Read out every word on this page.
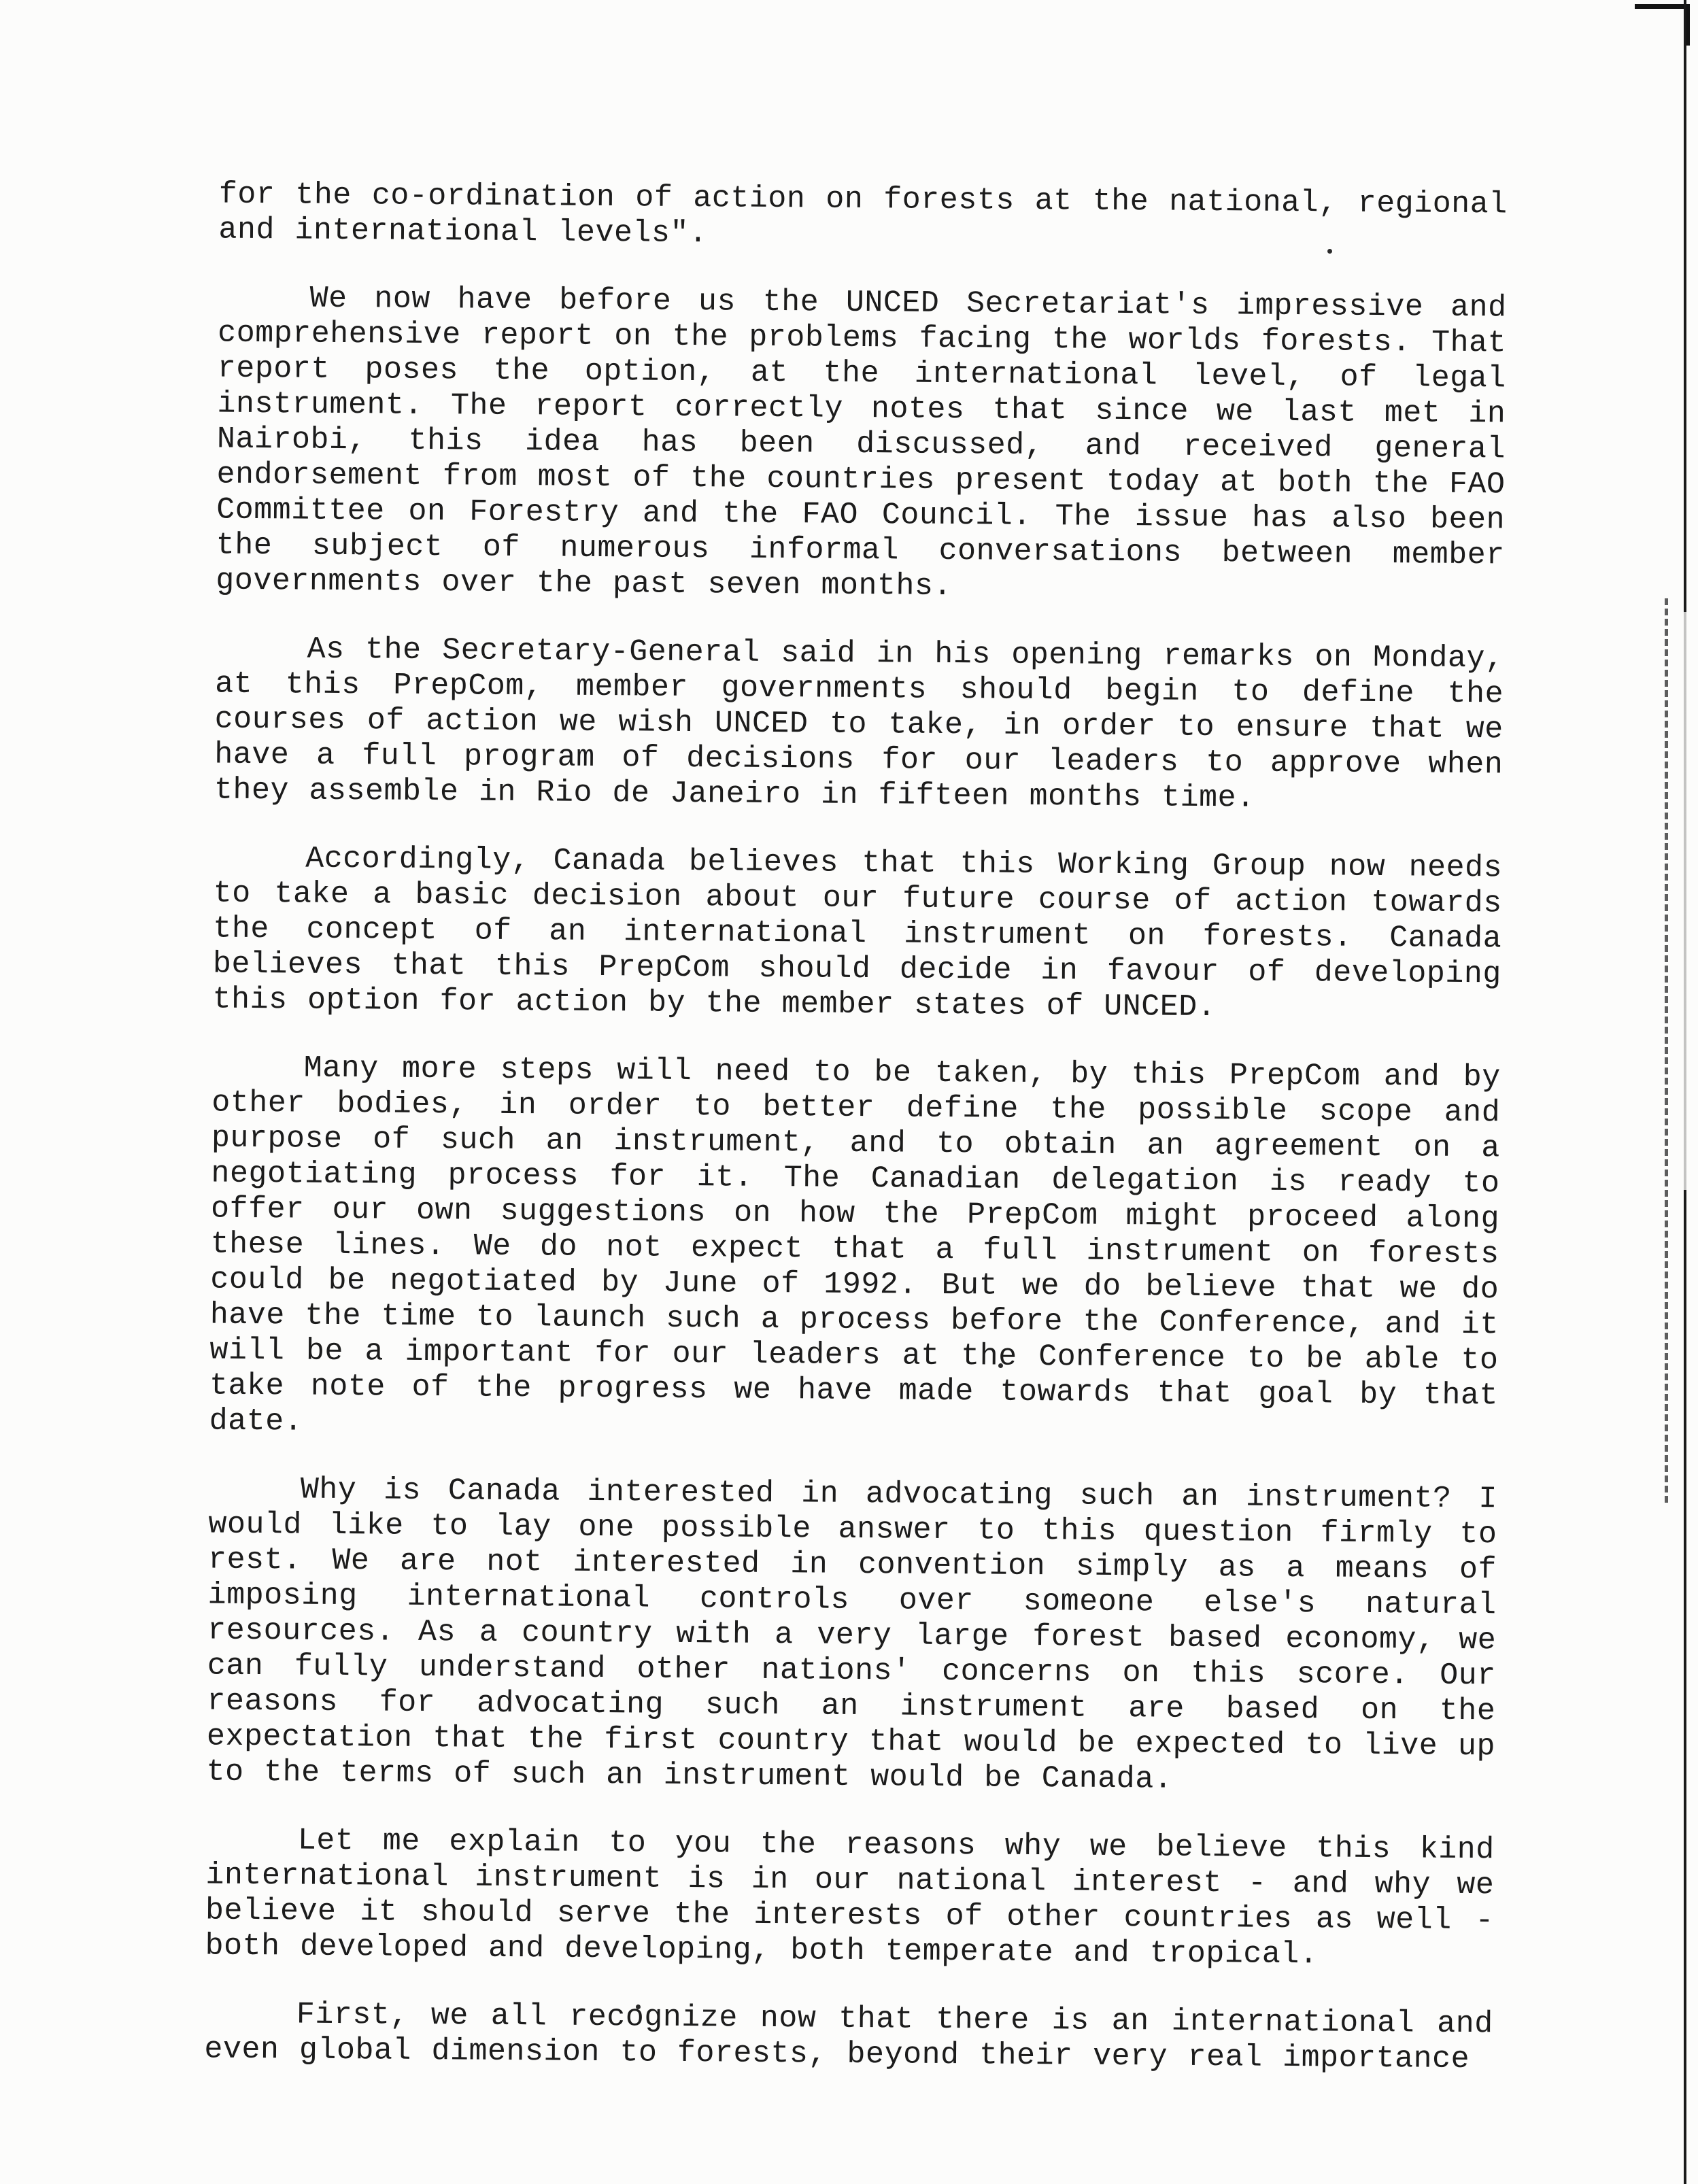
for the co-ordination of action on forests at the national, regional and international levels".

We now have before us the UNCED Secretariat's impressive and comprehensive report on the problems facing the worlds forests. That report poses the option, at the international level, of legal instrument. The report correctly notes that since we last met in Nairobi, this idea has been discussed, and received general endorsement from most of the countries present today at both the FAO Committee on Forestry and the FAO Council. The issue has also been the subject of numerous informal conversations between member governments over the past seven months.

As the Secretary-General said in his opening remarks on Monday, at this PrepCom, member governments should begin to define the courses of action we wish UNCED to take, in order to ensure that we have a full program of decisions for our leaders to approve when they assemble in Rio de Janeiro in fifteen months time.

Accordingly, Canada believes that this Working Group now needs to take a basic decision about our future course of action towards the concept of an international instrument on forests. Canada believes that this PrepCom should decide in favour of developing this option for action by the member states of UNCED.

Many more steps will need to be taken, by this PrepCom and by other bodies, in order to better define the possible scope and purpose of such an instrument, and to obtain an agreement on a negotiating process for it. The Canadian delegation is ready to offer our own suggestions on how the PrepCom might proceed along these lines. We do not expect that a full instrument on forests could be negotiated by June of 1992. But we do believe that we do have the time to launch such a process before the Conference, and it will be a important for our leaders at the Conference to be able to take note of the progress we have made towards that goal by that date.

Why is Canada interested in advocating such an instrument? I would like to lay one possible answer to this question firmly to rest. We are not interested in convention simply as a means of imposing international controls over someone else's natural resources. As a country with a very large forest based economy, we can fully understand other nations' concerns on this score. Our reasons for advocating such an instrument are based on the expectation that the first country that would be expected to live up to the terms of such an instrument would be Canada.

Let me explain to you the reasons why we believe this kind international instrument is in our national interest - and why we believe it should serve the interests of other countries as well - both developed and developing, both temperate and tropical.

First, we all recognize now that there is an international and even global dimension to forests, beyond their very real importance
